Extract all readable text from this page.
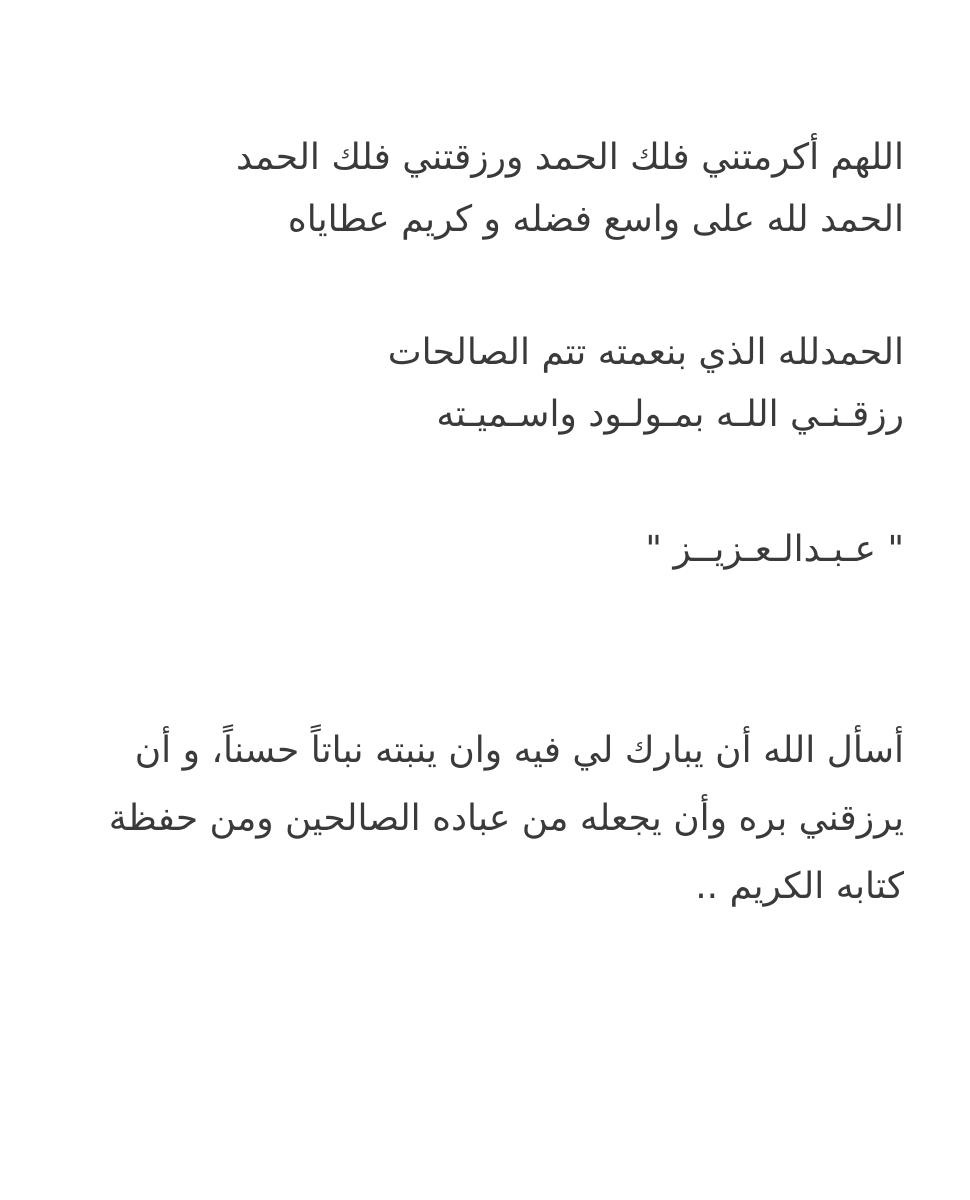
اللهم أكرمتني فلك الحمد ورزقتني فلك الحمد
الحمد لله على واسع فضله و كريم عطاياه
الحمدلله الذي بنعمته تتم الصالحات
رزقـنـي اللـه بمـولـود واسـميـته
" عـبـدالـعـزيــز "
أسأل الله أن يبارك لي فيه وان ينبته نباتاً حسناً، و أن
يرزقني بره وأن يجعله من عباده الصالحين ومن حفظة
كتابه الكريم ..
